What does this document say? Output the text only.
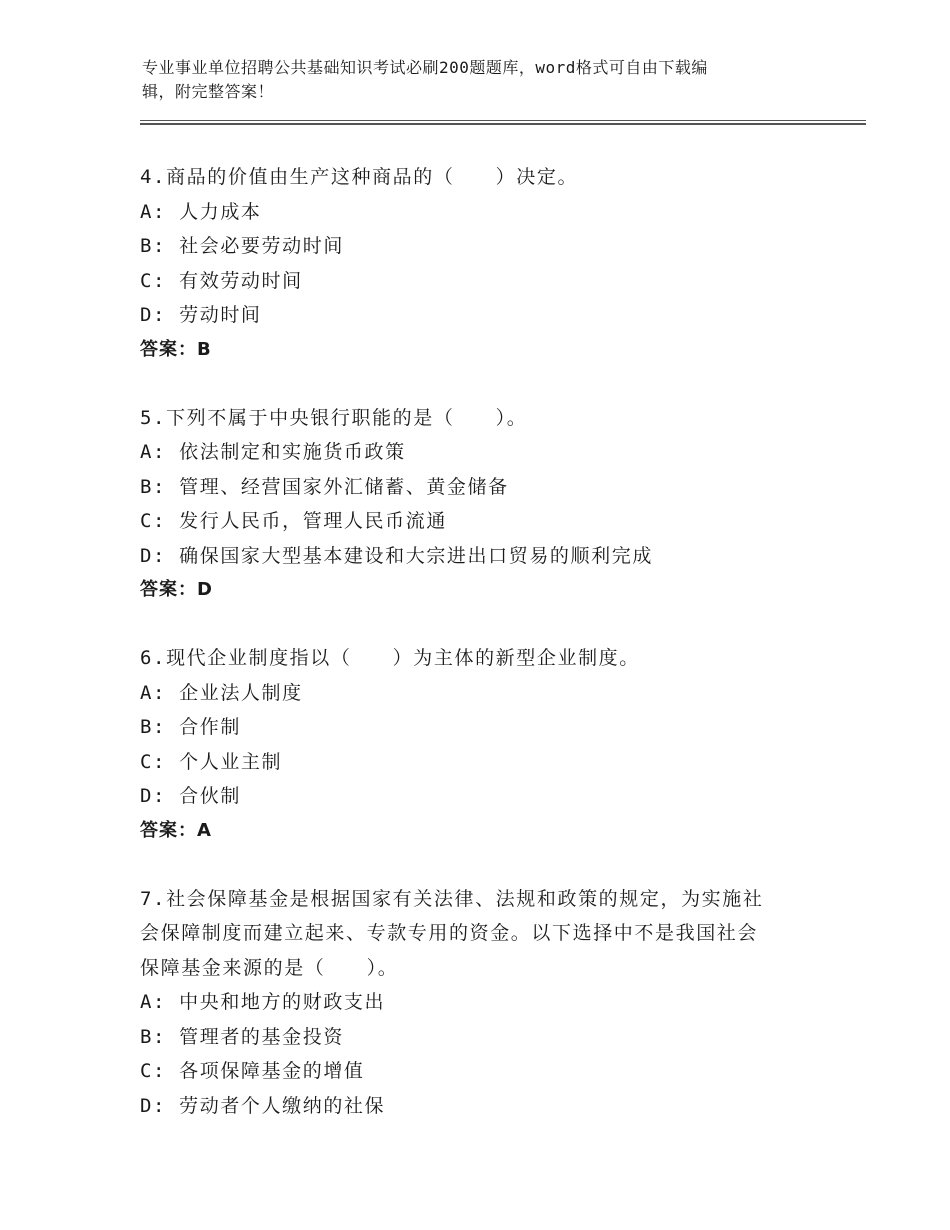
专业事业单位招聘公共基础知识考试必刷200题题库，word格式可自由下载编
辑，附完整答案！

4.商品的价值由生产这种商品的（　　）决定。

A: 人力成本

B: 社会必要劳动时间

C: 有效劳动时间

D: 劳动时间

答案：B

5.下列不属于中央银行职能的是（　　）。

A: 依法制定和实施货币政策

B: 管理、经营国家外汇储蓄、黄金储备

C: 发行人民币，管理人民币流通

D: 确保国家大型基本建设和大宗进出口贸易的顺利完成

答案：D

6.现代企业制度指以（　　）为主体的新型企业制度。

A: 企业法人制度

B: 合作制

C: 个人业主制

D: 合伙制

答案：A

7.社会保障基金是根据国家有关法律、法规和政策的规定，为实施社

会保障制度而建立起来、专款专用的资金。以下选择中不是我国社会

保障基金来源的是（　　）。

A: 中央和地方的财政支出

B: 管理者的基金投资

C: 各项保障基金的增值

D: 劳动者个人缴纳的社保
